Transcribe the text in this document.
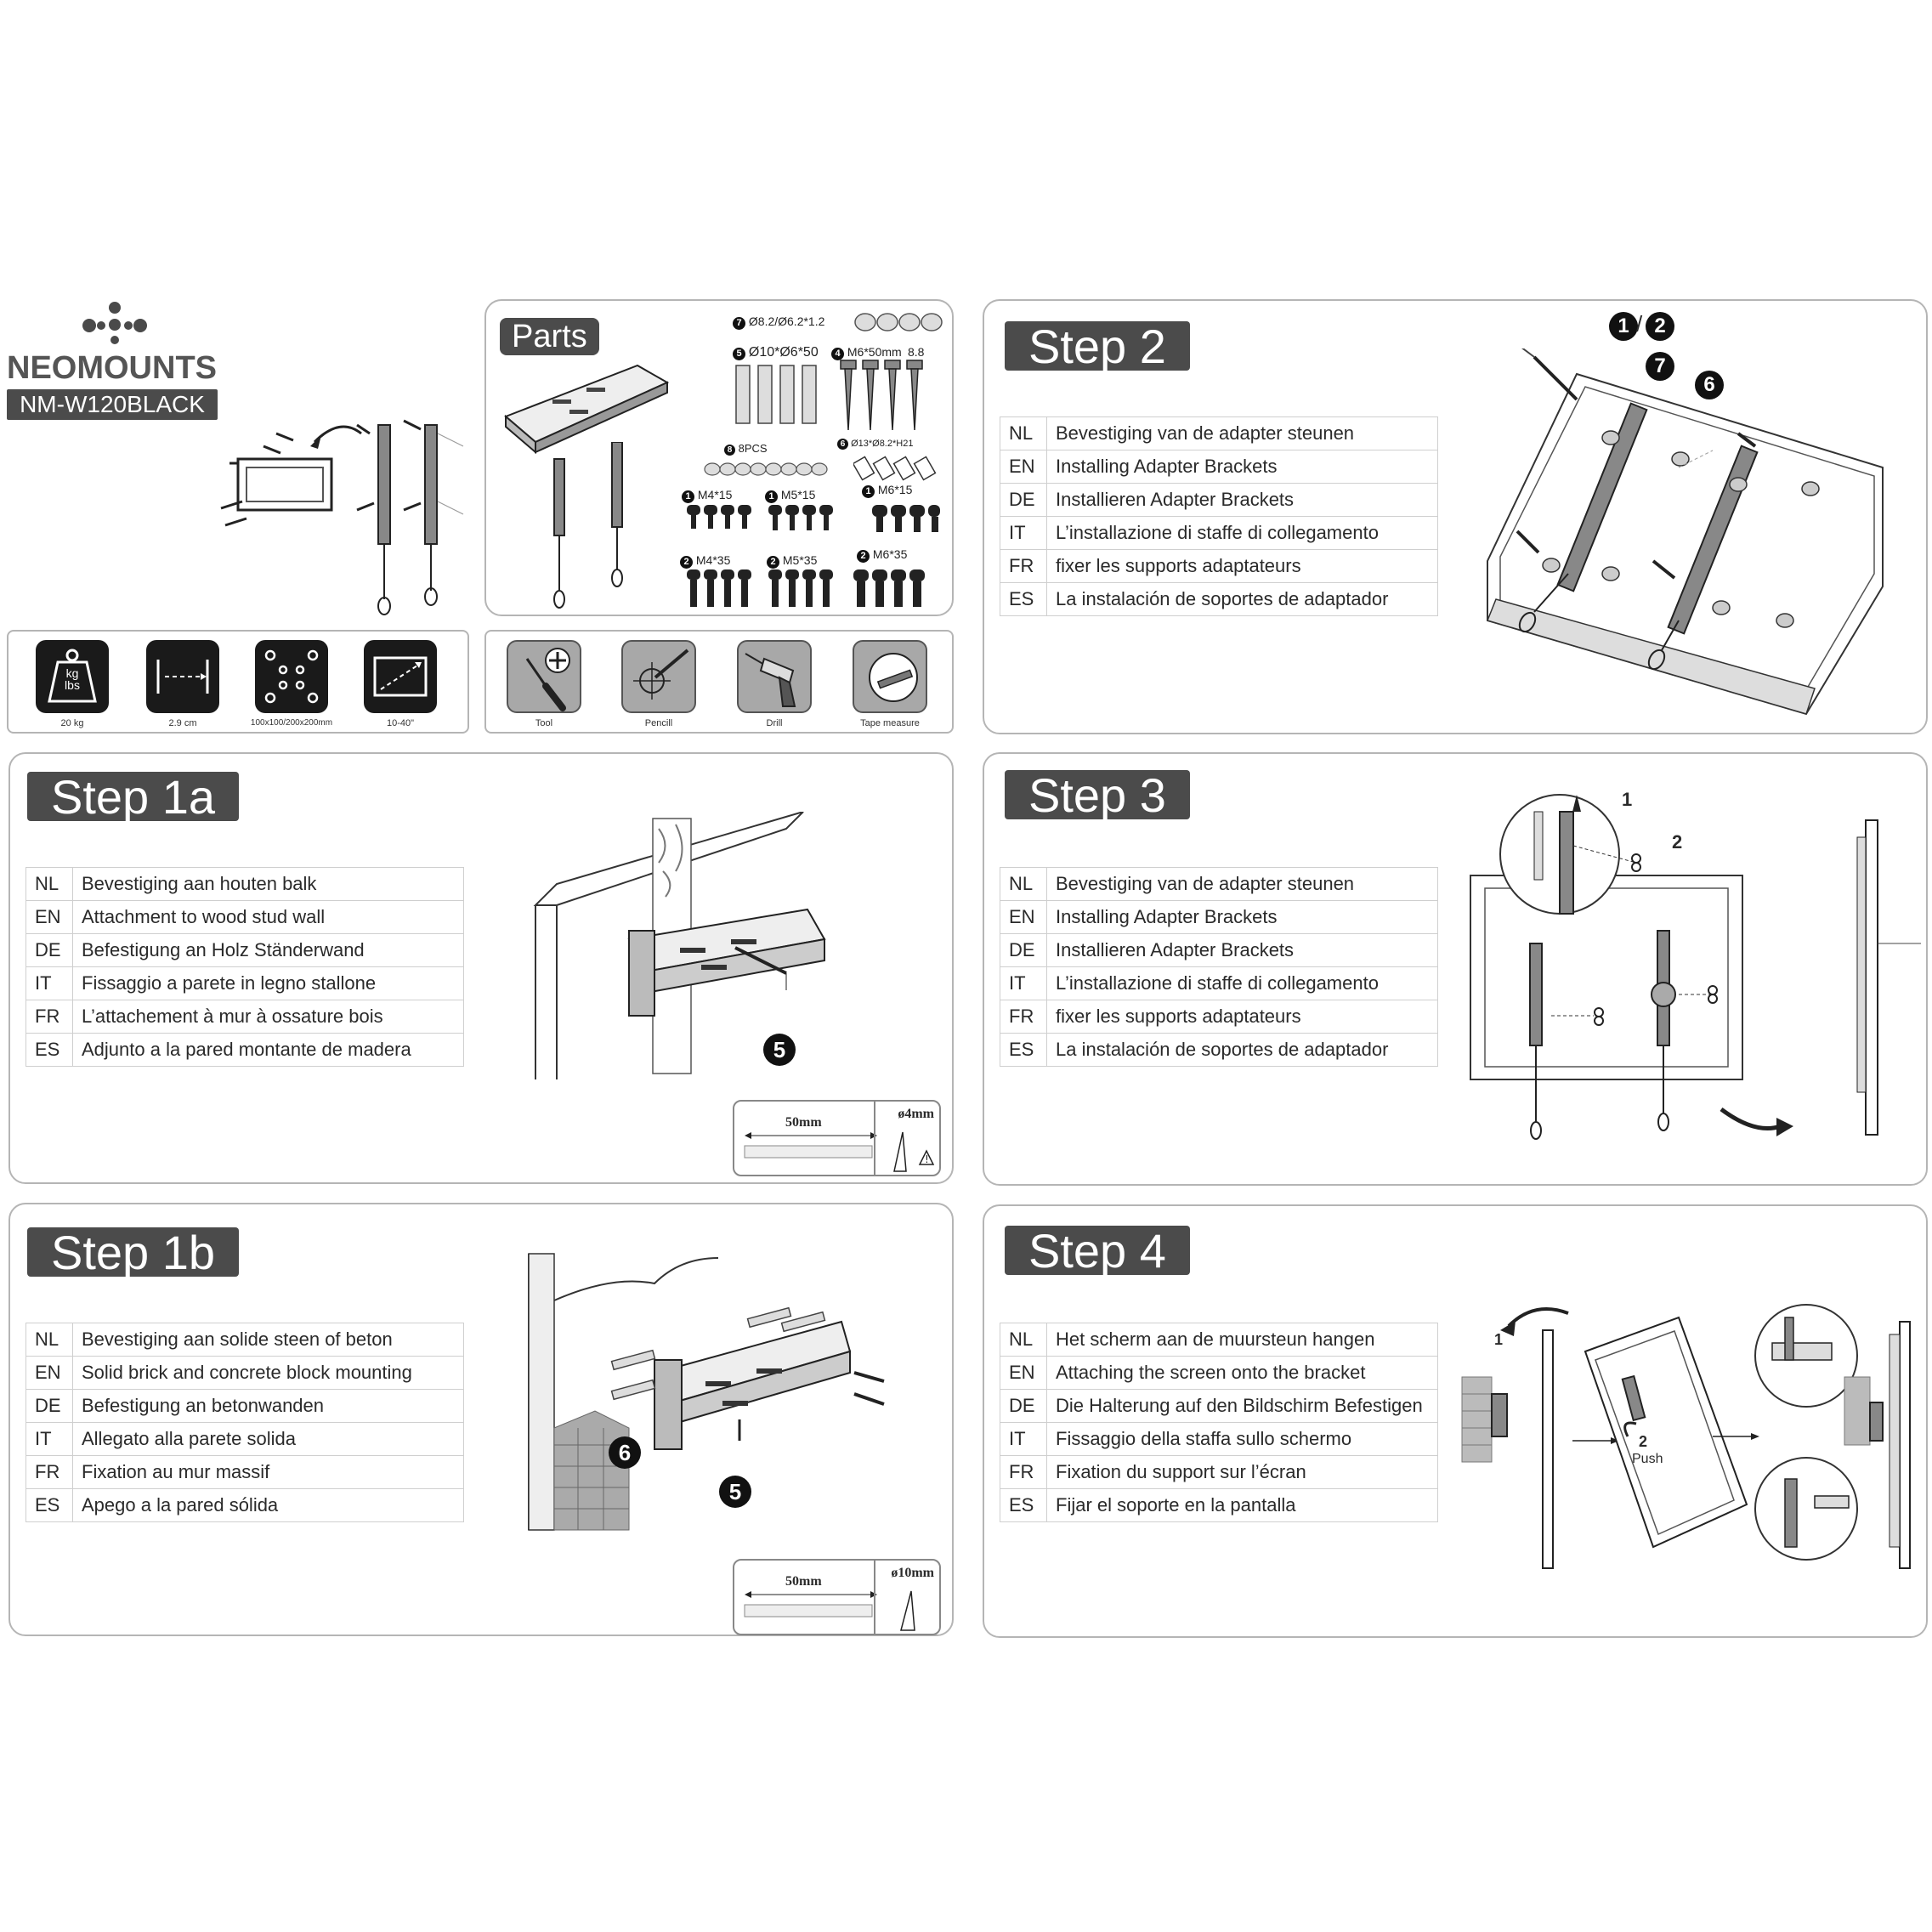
NEOMOUNTS
NM-W120BLACK
kg
lbs
20 kg	2.9 cm	100x100/200x200mm	10-40"	Tool	Pencill	Drill	Tape measure
Parts	7 Ø8.2/Ø6.2*1.2
5 Ø10*Ø6*50	4 M6*50mm 8.8
8 8PCS	6 Ø13*Ø8.2*H21
1 M4*15	1 M5*15	1 M6*15
2 M4*35	2 M5*35	2 M6*35
Step 1a
NL	Bevestiging aan houten balk
EN	Attachment to wood stud wall
DE	Befestigung an Holz Ständerwand
IT	Fissaggio a parete in legno stallone
FR	L’attachement à mur à ossature bois
ES	Adjunto a la pared montante de madera	5
50mm
ø4mm
!
Step 1b
NL	Bevestiging aan solide steen of beton
EN	Solid brick and concrete block mounting
DE	Befestigung an betonwanden
IT	Allegato alla parete solida
FR	Fixation au mur massif
ES	Apego a la pared sólida
6
5
50mm
ø10mm
Step 2
NL	Bevestiging van de adapter steunen
EN	Installing Adapter Brackets
DE	Installieren Adapter Brackets
IT	L’installazione di staffe di collegamento
FR	fixer les supports adaptateurs
ES	La instalación de soportes de adaptador
1 / 2
7
6
Step 3
NL	Bevestiging van de adapter steunen
EN	Installing Adapter Brackets
DE	Installieren Adapter Brackets
IT	L’installazione di staffe di collegamento
FR	fixer les supports adaptateurs
ES	La instalación de soportes de adaptador
1
2
Step 4
NL	Het scherm aan de muursteun hangen
EN	Attaching the screen onto the bracket
DE	Die Halterung auf den Bildschirm Befestigen
IT	Fissaggio della staffa sullo schermo
FR	Fixation du support sur l’écran
ES	Fijar el soporte en la pantalla
1
2
Push
